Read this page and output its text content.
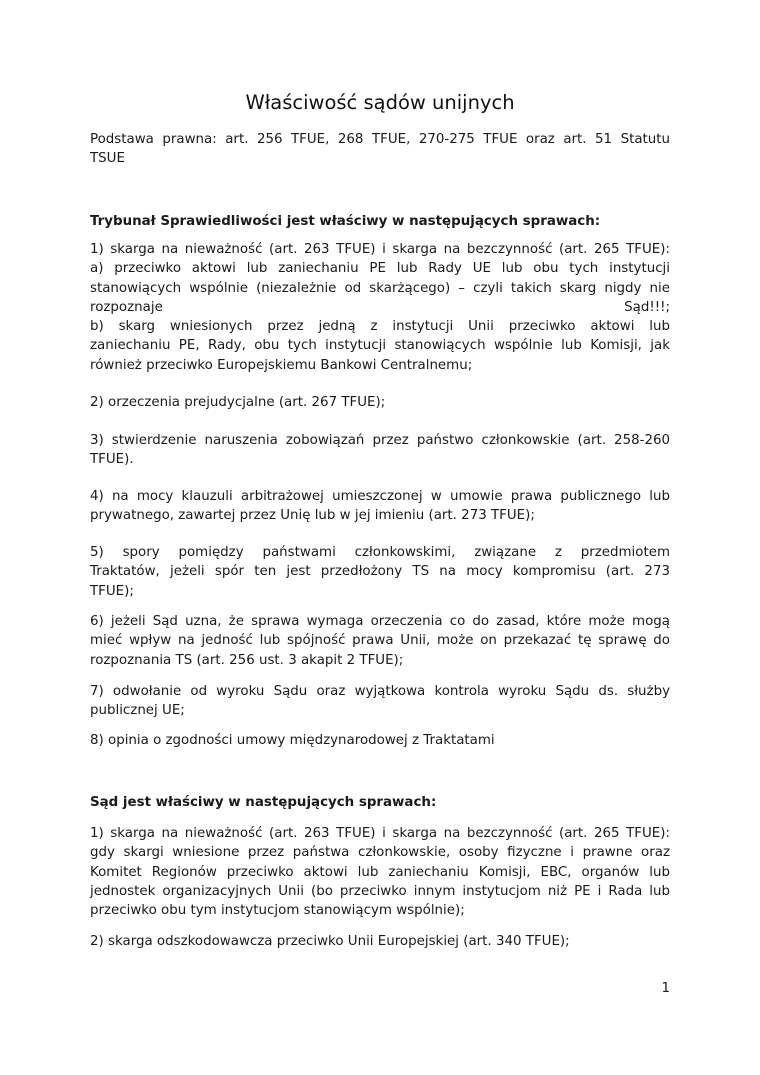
Właściwość sądów unijnych
Podstawa prawna: art. 256 TFUE, 268 TFUE, 270-275 TFUE oraz art. 51 Statutu
TSUE
Trybunał Sprawiedliwości jest właściwy w następujących sprawach:
1) skarga na nieważność (art. 263 TFUE) i skarga na bezczynność (art. 265 TFUE):
a) przeciwko aktowi lub zaniechaniu PE lub Rady UE lub obu tych instytucji
stanowiących wspólnie (niezależnie od skarżącego) – czyli takich skarg nigdy nie
rozpoznaje Sąd!!!;
b) skarg wniesionych przez jedną z instytucji Unii przeciwko aktowi lub
zaniechaniu PE, Rady, obu tych instytucji stanowiących wspólnie lub Komisji, jak
również przeciwko Europejskiemu Bankowi Centralnemu;
2) orzeczenia prejudycjalne (art. 267 TFUE);
3) stwierdzenie naruszenia zobowiązań przez państwo członkowskie (art. 258-260
TFUE).
4) na mocy klauzuli arbitrażowej umieszczonej w umowie prawa publicznego lub
prywatnego, zawartej przez Unię lub w jej imieniu (art. 273 TFUE);
5) spory pomiędzy państwami członkowskimi, związane z przedmiotem
Traktatów, jeżeli spór ten jest przedłożony TS na mocy kompromisu (art. 273
TFUE);
6) jeżeli Sąd uzna, że sprawa wymaga orzeczenia co do zasad, które może mogą
mieć wpływ na jedność lub spójność prawa Unii, może on przekazać tę sprawę do
rozpoznania TS (art. 256 ust. 3 akapit 2 TFUE);
7) odwołanie od wyroku Sądu oraz wyjątkowa kontrola wyroku Sądu ds. służby
publicznej UE;
8) opinia o zgodności umowy międzynarodowej z Traktatami
Sąd jest właściwy w następujących sprawach:
1) skarga na nieważność (art. 263 TFUE) i skarga na bezczynność (art. 265 TFUE):
gdy skargi wniesione przez państwa członkowskie, osoby fizyczne i prawne oraz
Komitet Regionów przeciwko aktowi lub zaniechaniu Komisji, EBC, organów lub
jednostek organizacyjnych Unii (bo przeciwko innym instytucjom niż PE i Rada lub
przeciwko obu tym instytucjom stanowiącym wspólnie);
2) skarga odszkodowawcza przeciwko Unii Europejskiej (art. 340 TFUE);
1
